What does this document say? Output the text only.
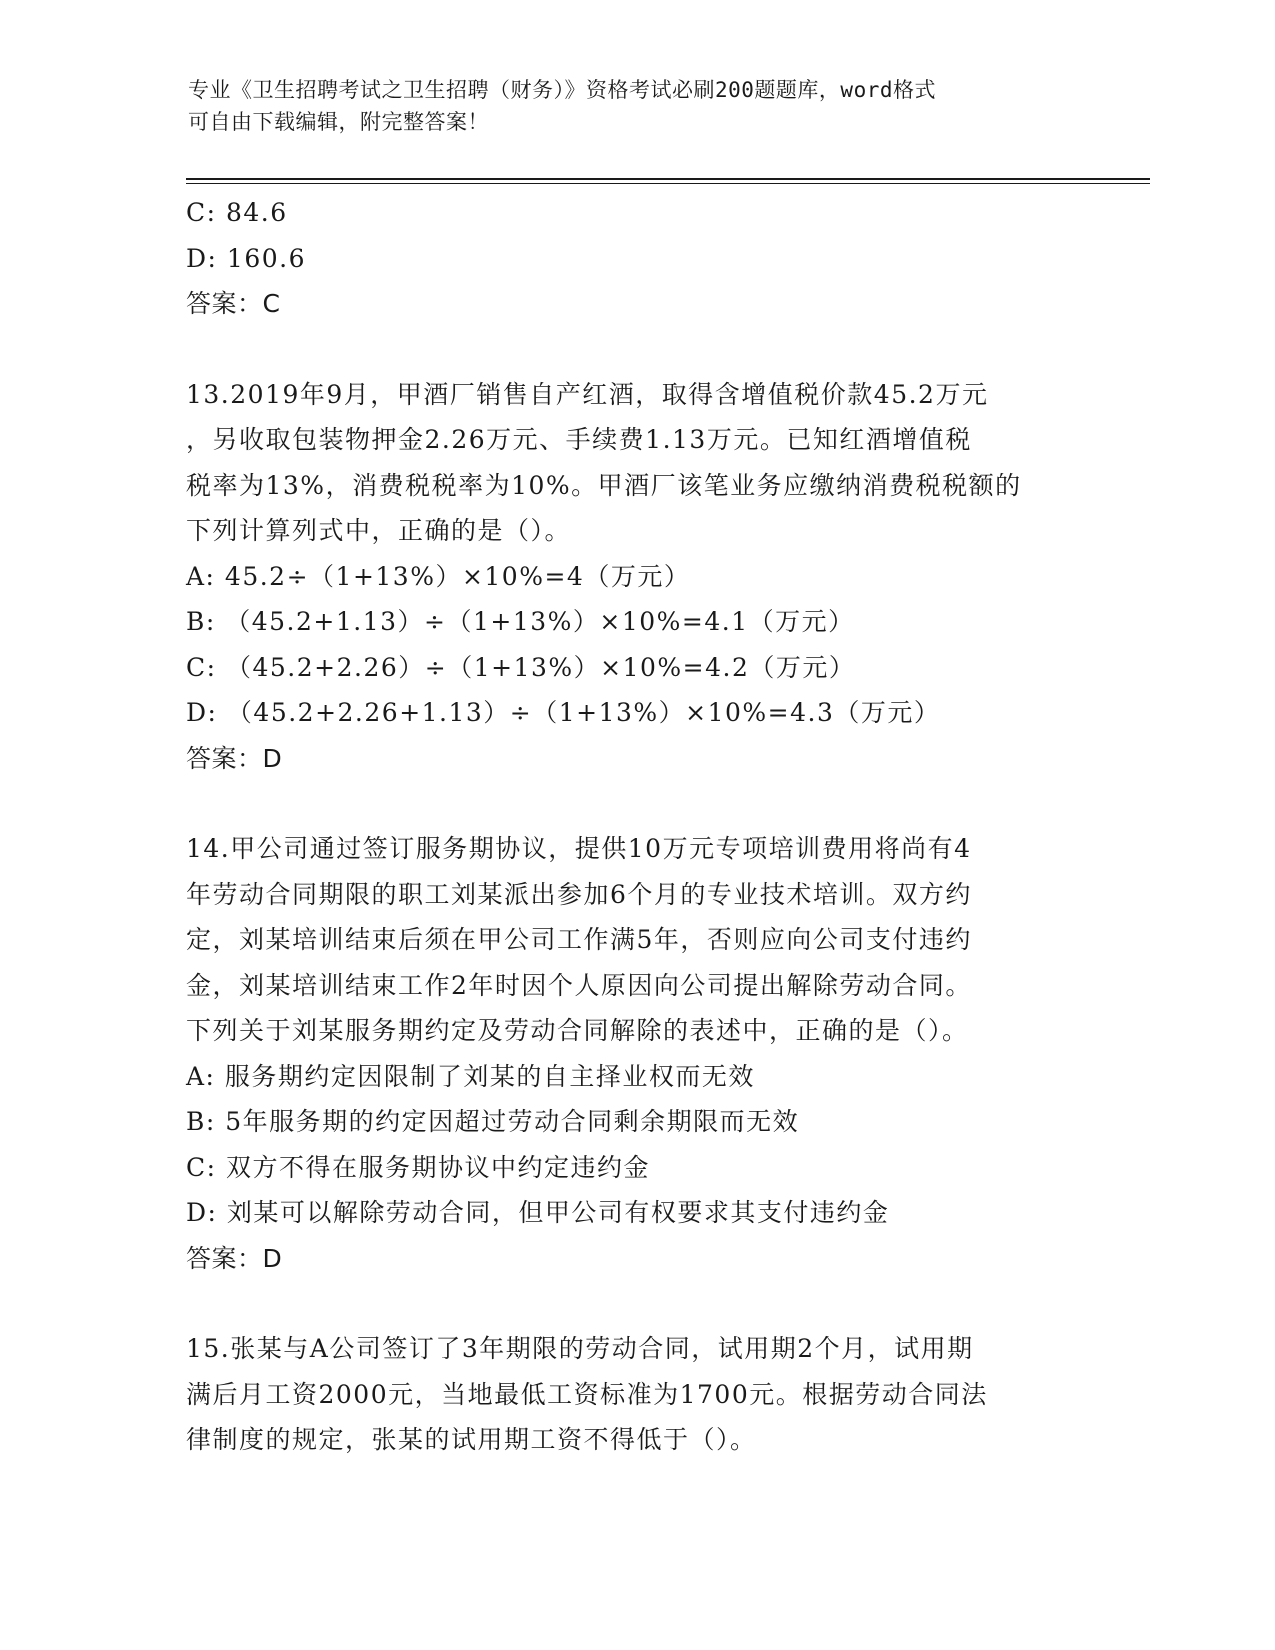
专业《卫生招聘考试之卫生招聘（财务）》资格考试必刷200题题库，word格式
可自由下载编辑，附完整答案！
C: 84.6
D: 160.6
答案：C
13.2019年9月，甲酒厂销售自产红酒，取得含增值税价款45.2万元
，另收取包装物押金2.26万元、手续费1.13万元。已知红酒增值税
税率为13%，消费税税率为10%。甲酒厂该笔业务应缴纳消费税税额的
下列计算列式中，正确的是（）。
A: 45.2÷（1+13%）×10%=4（万元）
B: （45.2+1.13）÷（1+13%）×10%=4.1（万元）
C: （45.2+2.26）÷（1+13%）×10%=4.2（万元）
D: （45.2+2.26+1.13）÷（1+13%）×10%=4.3（万元）
答案：D
14.甲公司通过签订服务期协议，提供10万元专项培训费用将尚有4
年劳动合同期限的职工刘某派出参加6个月的专业技术培训。双方约
定，刘某培训结束后须在甲公司工作满5年，否则应向公司支付违约
金，刘某培训结束工作2年时因个人原因向公司提出解除劳动合同。
下列关于刘某服务期约定及劳动合同解除的表述中，正确的是（）。
A: 服务期约定因限制了刘某的自主择业权而无效
B: 5年服务期的约定因超过劳动合同剩余期限而无效
C: 双方不得在服务期协议中约定违约金
D: 刘某可以解除劳动合同，但甲公司有权要求其支付违约金
答案：D
15.张某与A公司签订了3年期限的劳动合同，试用期2个月，试用期
满后月工资2000元，当地最低工资标准为1700元。根据劳动合同法
律制度的规定，张某的试用期工资不得低于（）。
